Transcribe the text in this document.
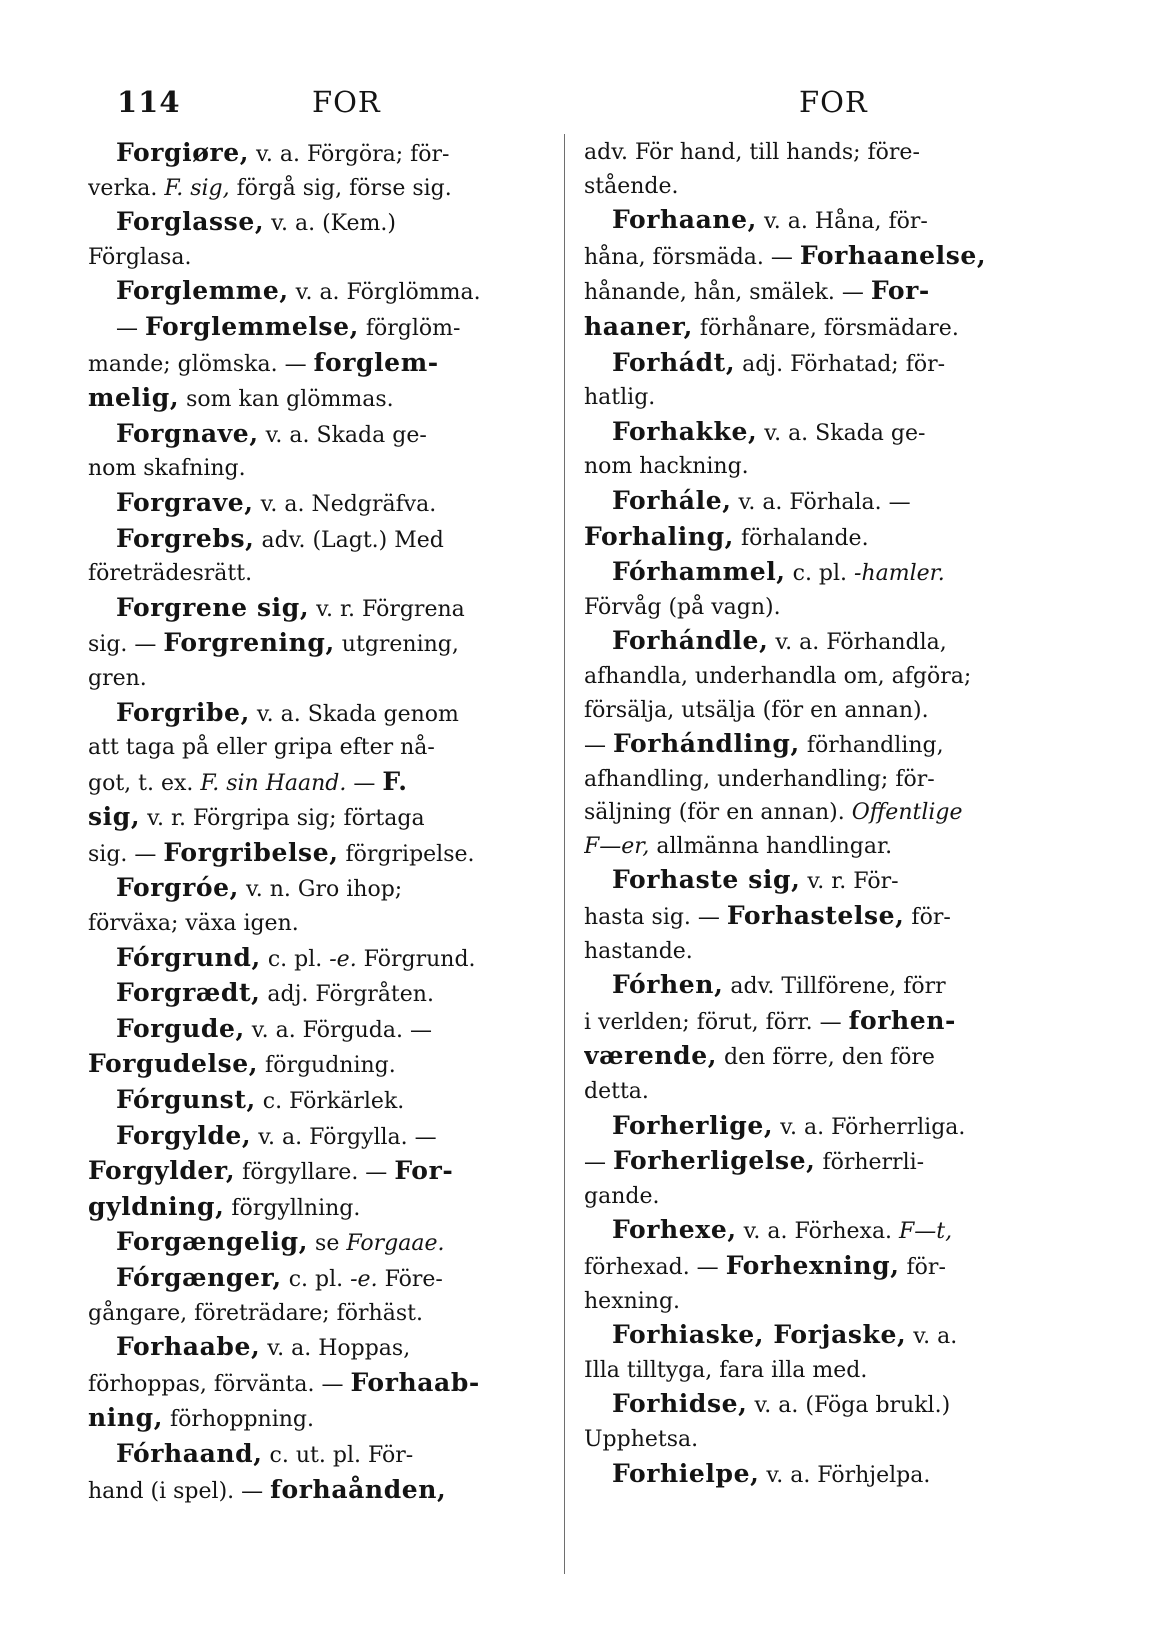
114	FOR	FOR
Forgiøre, v. a. Förgöra; för-
verka. F. sig, förgå sig, förse sig.
Forglasse, v. a. (Kem.)
Förglasa.
Forglemme, v. a. Förglömma.
— Forglemmelse, förglöm-
mande; glömska. — forglem-
melig, som kan glömmas.
Forgnave, v. a. Skada ge-
nom skafning.
Forgrave, v. a. Nedgräfva.
Forgrebs, adv. (Lagt.) Med
företrädesrätt.
Forgrene sig, v. r. Förgrena
sig. — Forgrening, utgrening,
gren.
Forgribe, v. a. Skada genom
att taga på eller gripa efter nå-
got, t. ex. F. sin Haand. — F.
sig, v. r. Förgripa sig; förtaga
sig. — Forgribelse, förgripelse.
Forgróe, v. n. Gro ihop;
förväxa; växa igen.
Fórgrund, c. pl. -e. Förgrund.
Forgrædt, adj. Förgråten.
Forgude, v. a. Förguda. —
Forgudelse, förgudning.
Fórgunst, c. Förkärlek.
Forgylde, v. a. Förgylla. —
Forgylder, förgyllare. — For-
gyldning, förgyllning.
Forgængelig, se Forgaae.
Fórgænger, c. pl. -e. Före-
gångare, företrädare; förhäst.
Forhaabe, v. a. Hoppas,
förhoppas, förvänta. — Forhaab-
ning, förhoppning.
Fórhaand, c. ut. pl. För-
hand (i spel). — forhaånden,
adv. För hand, till hands; före-
stående.
Forhaane, v. a. Håna, för-
håna, försmäda. — Forhaanelse,
hånande, hån, smälek. — For-
haaner, förhånare, försmädare.
Forhádt, adj. Förhatad; för-
hatlig.
Forhakke, v. a. Skada ge-
nom hackning.
Forhále, v. a. Förhala. —
Forhaling, förhalande.
Fórhammel, c. pl. -hamler.
Förvåg (på vagn).
Forhándle, v. a. Förhandla,
afhandla, underhandla om, afgöra;
försälja, utsälja (för en annan).
— Forhándling, förhandling,
afhandling, underhandling; för-
säljning (för en annan). Offentlige
F—er, allmänna handlingar.
Forhaste sig, v. r. För-
hasta sig. — Forhastelse, för-
hastande.
Fórhen, adv. Tillförene, förr
i verlden; förut, förr. — forhen-
værende, den förre, den före
detta.
Forherlige, v. a. Förherrliga.
— Forherligelse, förherrli-
gande.
Forhexe, v. a. Förhexa. F—t,
förhexad. — Forhexning, för-
hexning.
Forhiaske, Forjaske, v. a.
Illa tilltyga, fara illa med.
Forhidse, v. a. (Föga brukl.)
Upphetsa.
Forhielpe, v. a. Förhjelpa.
